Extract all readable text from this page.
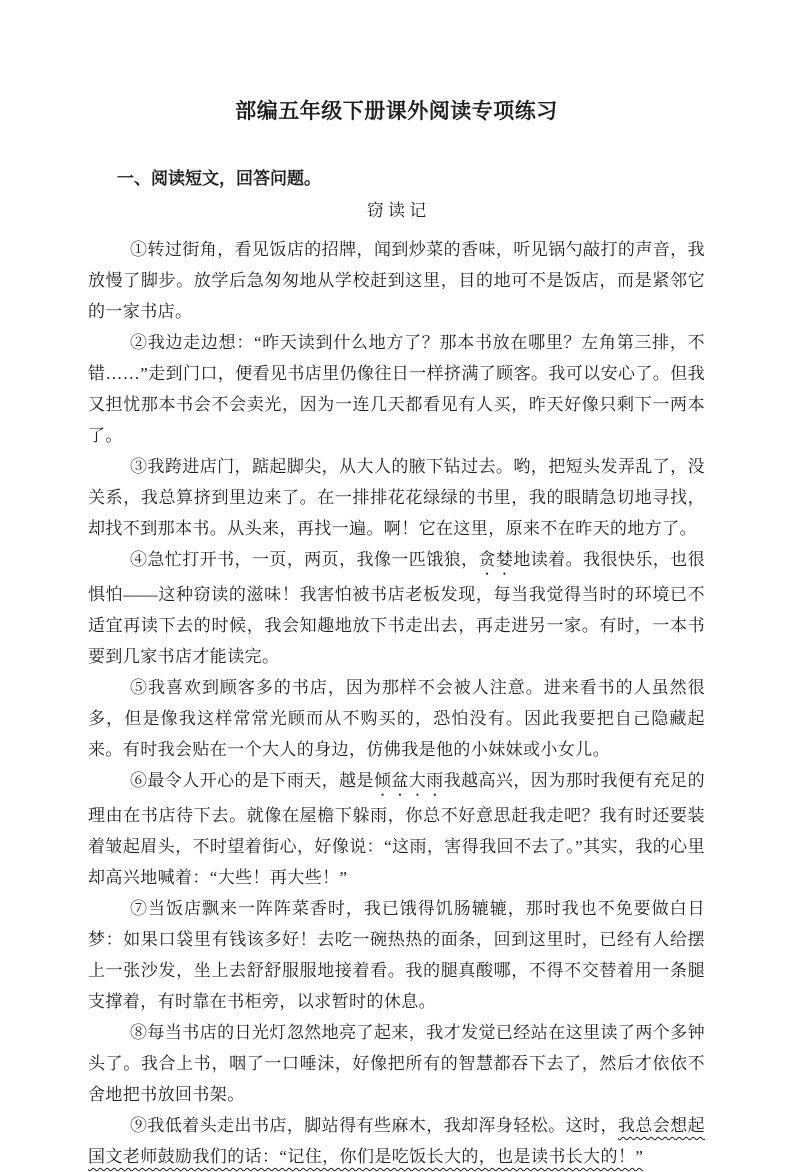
部编五年级下册课外阅读专项练习
一、阅读短文，回答问题。
窃 读 记

①转过街角，看见饭店的招牌，闻到炒菜的香味，听见锅勺敲打的声音，我放慢了脚步。放学后急匆匆地从学校赶到这里，目的地可不是饭店，而是紧邻它的一家书店。

②我边走边想：“昨天读到什么地方了？那本书放在哪里？左角第三排，不错……”走到门口，便看见书店里仍像往日一样挤满了顾客。我可以安心了。但我又担忧那本书会不会卖光，因为一连几天都看见有人买，昨天好像只剩下一两本了。

③我跨进店门，踮起脚尖，从大人的腋下钻过去。哟，把短头发弄乱了，没关系，我总算挤到里边来了。在一排排花花绿绿的书里，我的眼睛急切地寻找，却找不到那本书。从头来，再找一遍。啊！它在这里，原来不在昨天的地方了。

④急忙打开书，一页，两页，我像一匹饿狼，贪婪地读着。我很快乐，也很惧怕——这种窃读的滋味！我害怕被书店老板发现，每当我觉得当时的环境已不适宜再读下去的时候，我会知趣地放下书走出去，再走进另一家。有时，一本书要到几家书店才能读完。

⑤我喜欢到顾客多的书店，因为那样不会被人注意。进来看书的人虽然很多，但是像我这样常常光顾而从不购买的，恐怕没有。因此我要把自己隐藏起来。有时我会贴在一个大人的身边，仿佛我是他的小妹妹或小女儿。

⑥最令人开心的是下雨天，越是倾盆大雨我越高兴，因为那时我便有充足的理由在书店待下去。就像在屋檐下躲雨，你总不好意思赶我走吧？我有时还要装着皱起眉头，不时望着街心，好像说：“这雨，害得我回不去了。”其实，我的心里却高兴地喊着：“大些！再大些！”

⑦当饭店飘来一阵阵菜香时，我已饿得饥肠辘辘，那时我也不免要做白日梦：如果口袋里有钱该多好！去吃一碗热热的面条，回到这里时，已经有人给摆上一张沙发，坐上去舒舒服服地接着看。我的腿真酸哪，不得不交替着用一条腿支撑着，有时靠在书柜旁，以求暂时的休息。

⑧每当书店的日光灯忽然地亮了起来，我才发觉已经站在这里读了两个多钟头了。我合上书，咽了一口唾沫，好像把所有的智慧都吞下去了，然后才依依不舍地把书放回书架。

⑨我低着头走出书店，脚站得有些麻木，我却浑身轻松。这时，我总会想起国文老师鼓励我们的话：“记住，你们是吃饭长大的，也是读书长大的！”
